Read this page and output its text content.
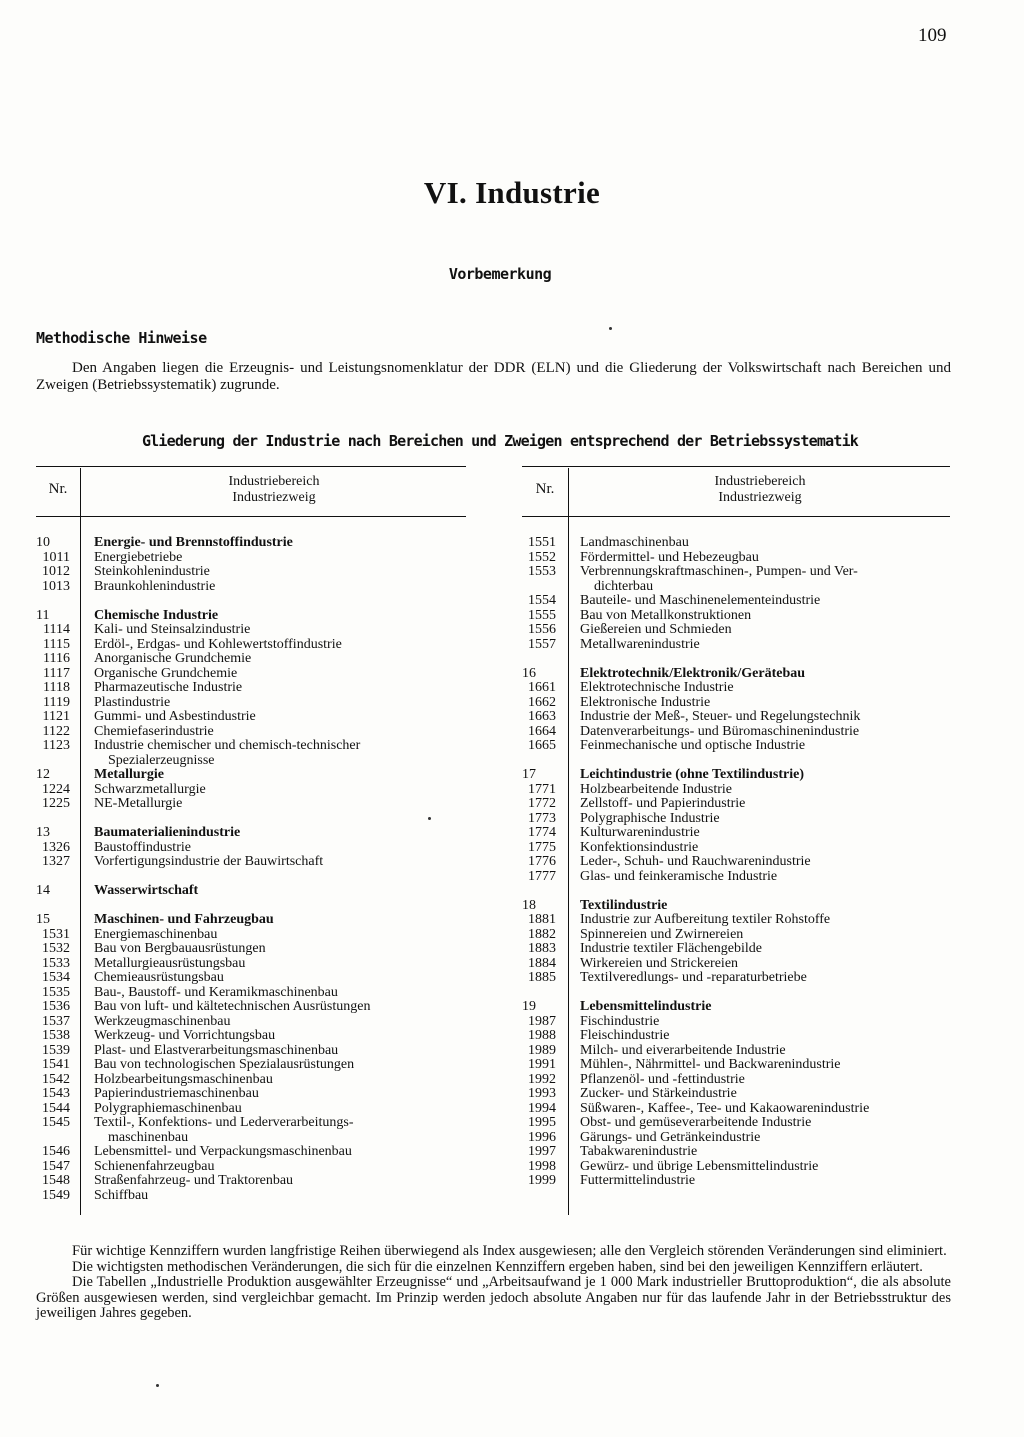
109
VI. Industrie
Vorbemerkung
Methodische Hinweise
Den Angaben liegen die Erzeugnis- und Leistungsnomenklatur der DDR (ELN) und die Gliederung der Volkswirtschaft nach Bereichen und Zweigen (Betriebssystematik) zugrunde.
Gliederung der Industrie nach Bereichen und Zweigen entsprechend der Betriebssystematik
Nr.	Industriebereich
Industriezweig
Nr.	Industriebereich
Industriezweig
10	Energie- und Brennstoffindustrie
1011 Energiebetriebe
1012 Steinkohlenindustrie
1013 Braunkohlenindustrie
11	Chemische Industrie
1114 Kali- und Steinsalzindustrie
1115 Erdöl-, Erdgas- und Kohlewertstoffindustrie
1116 Anorganische Grundchemie
1117 Organische Grundchemie
1118 Pharmazeutische Industrie
1119 Plastindustrie
1121 Gummi- und Asbestindustrie
1122 Chemiefaserindustrie
1123 Industrie chemischer und chemisch-technischer
Spezialerzeugnisse
12	Metallurgie
1224 Schwarzmetallurgie
1225 NE-Metallurgie
13	Baumaterialienindustrie
1326 Baustoffindustrie
1327 Vorfertigungsindustrie der Bauwirtschaft
14	Wasserwirtschaft
15	Maschinen- und Fahrzeugbau
1531 Energiemaschinenbau
1532 Bau von Bergbauausrüstungen
1533 Metallurgieausrüstungsbau
1534 Chemieausrüstungsbau
1535 Bau-, Baustoff- und Keramikmaschinenbau
1536 Bau von luft- und kältetechnischen Ausrüstungen
1537 Werkzeugmaschinenbau
1538 Werkzeug- und Vorrichtungsbau
1539 Plast- und Elastverarbeitungsmaschinenbau
1541 Bau von technologischen Spezialausrüstungen
1542 Holzbearbeitungsmaschinenbau
1543 Papierindustriemaschinenbau
1544 Polygraphiemaschinenbau
1545 Textil-, Konfektions- und Lederverarbeitungs-
maschinenbau
1546 Lebensmittel- und Verpackungsmaschinenbau
1547 Schienenfahrzeugbau
1548 Straßenfahrzeug- und Traktorenbau
1549 Schiffbau
1551 Landmaschinenbau
1552 Fördermittel- und Hebezeugbau
1553 Verbrennungskraftmaschinen-, Pumpen- und Ver-
dichterbau
1554 Bauteile- und Maschinenelementeindustrie
1555 Bau von Metallkonstruktionen
1556 Gießereien und Schmieden
1557 Metallwarenindustrie
16	Elektrotechnik/Elektronik/Gerätebau
1661 Elektrotechnische Industrie
1662 Elektronische Industrie
1663 Industrie der Meß-, Steuer- und Regelungstechnik
1664 Datenverarbeitungs- und Büromaschinenindustrie
1665 Feinmechanische und optische Industrie
17	Leichtindustrie (ohne Textilindustrie)
1771 Holzbearbeitende Industrie
1772 Zellstoff- und Papierindustrie
1773 Polygraphische Industrie
1774 Kulturwarenindustrie
1775 Konfektionsindustrie
1776 Leder-, Schuh- und Rauchwarenindustrie
1777 Glas- und feinkeramische Industrie
18	Textilindustrie
1881 Industrie zur Aufbereitung textiler Rohstoffe
1882 Spinnereien und Zwirnereien
1883 Industrie textiler Flächengebilde
1884 Wirkereien und Strickereien
1885 Textilveredlungs- und -reparaturbetriebe
19	Lebensmittelindustrie
1987 Fischindustrie
1988 Fleischindustrie
1989 Milch- und eiverarbeitende Industrie
1991 Mühlen-, Nährmittel- und Backwarenindustrie
1992 Pflanzenöl- und -fettindustrie
1993 Zucker- und Stärkeindustrie
1994 Süßwaren-, Kaffee-, Tee- und Kakaowarenindustrie
1995 Obst- und gemüseverarbeitende Industrie
1996 Gärungs- und Getränkeindustrie
1997 Tabakwarenindustrie
1998 Gewürz- und übrige Lebensmittelindustrie
1999 Futtermittelindustrie

Für wichtige Kennziffern wurden langfristige Reihen überwiegend als Index ausgewiesen; alle den Vergleich störenden Veränderungen sind eliminiert.

Die wichtigsten methodischen Veränderungen, die sich für die einzelnen Kennziffern ergeben haben, sind bei den jeweiligen Kennziffern erläutert.

Die Tabellen „Industrielle Produktion ausgewählter Erzeugnisse“ und „Arbeitsaufwand je 1 000 Mark industrieller Bruttoproduktion“, die als absolute Größen ausgewiesen werden, sind vergleichbar gemacht. Im Prinzip werden jedoch absolute Angaben nur für das laufende Jahr in der Betriebsstruktur des jeweiligen Jahres gegeben.
